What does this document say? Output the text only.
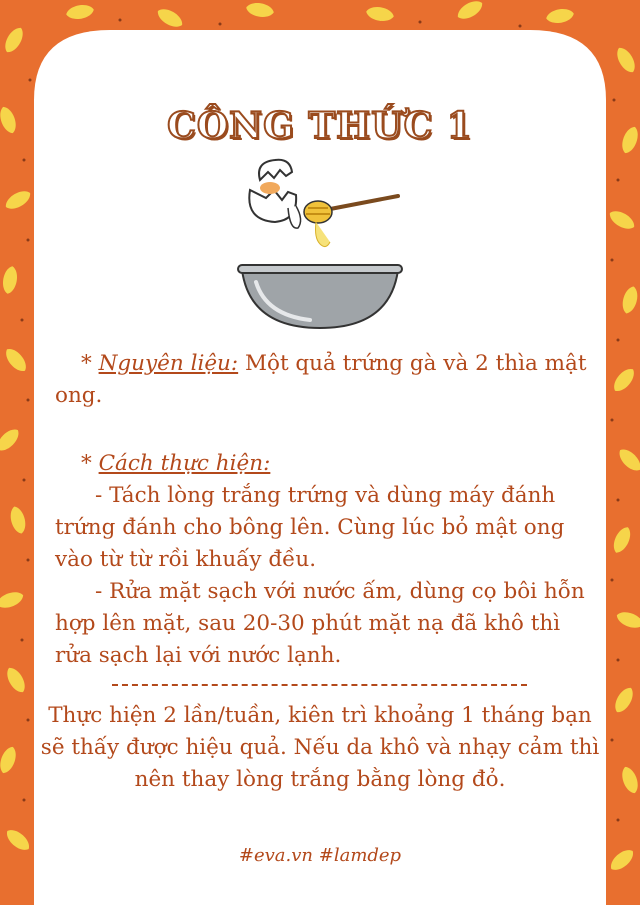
CÔNG THỨC 1
* Nguyên liệu: Một quả trứng gà và 2 thìa mật ong.
* Cách thực hiện:
- Tách lòng trắng trứng và dùng máy đánh trứng đánh cho bông lên. Cùng lúc bỏ mật ong vào từ từ rồi khuấy đều.
- Rửa mặt sạch với nước ấm, dùng cọ bôi hỗn hợp lên mặt, sau 20-30 phút mặt nạ đã khô thì rửa sạch lại với nước lạnh.
Thực hiện 2 lần/tuần, kiên trì khoảng 1 tháng bạn sẽ thấy được hiệu quả. Nếu da khô và nhạy cảm thì nên thay lòng trắng bằng lòng đỏ.
#eva.vn #lamdep
